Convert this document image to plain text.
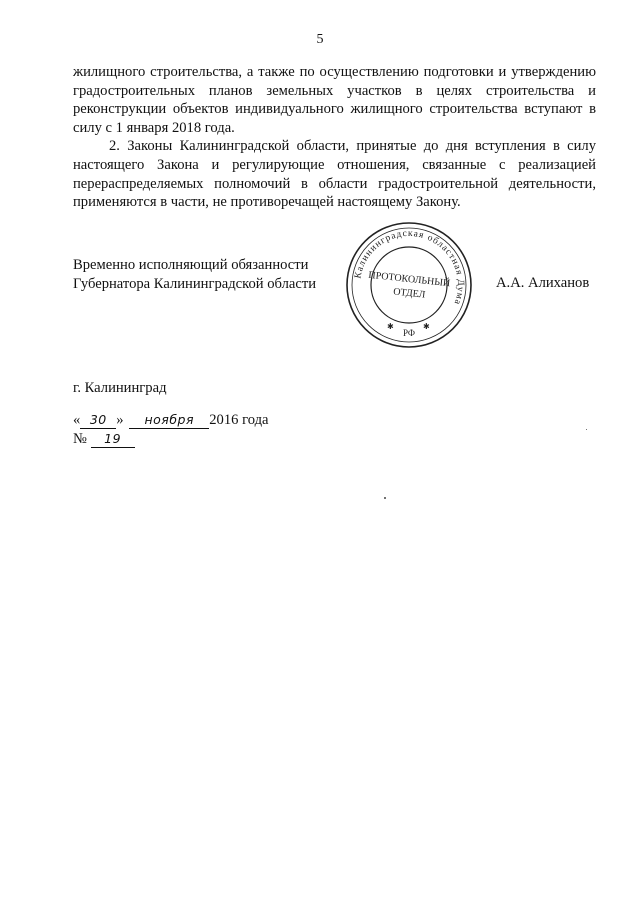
5

жилищного строительства, а также по осуществлению подготовки и утверждению градостроительных планов земельных участков в целях строительства и реконструкции объектов индивидуального жилищного строительства вступают в силу с 1 января 2018 года.

2. Законы Калининградской области, принятые до дня вступления в силу настоящего Закона и регулирующие отношения, связанные с реализацией перераспределяемых полномочий в области градостроительной деятельности, применяются в части, не противоречащей настоящему Закону.

Временно исполняющий обязанности
Губернатора Калининградской области
Калининградская областная Дума
ПРОТОКОЛЬНЫЙ
ОТДЕЛ
РФ
✱	✱
А.А. Алиханов
г. Калининград
« 30 » ноября 2016 года
№ 19
